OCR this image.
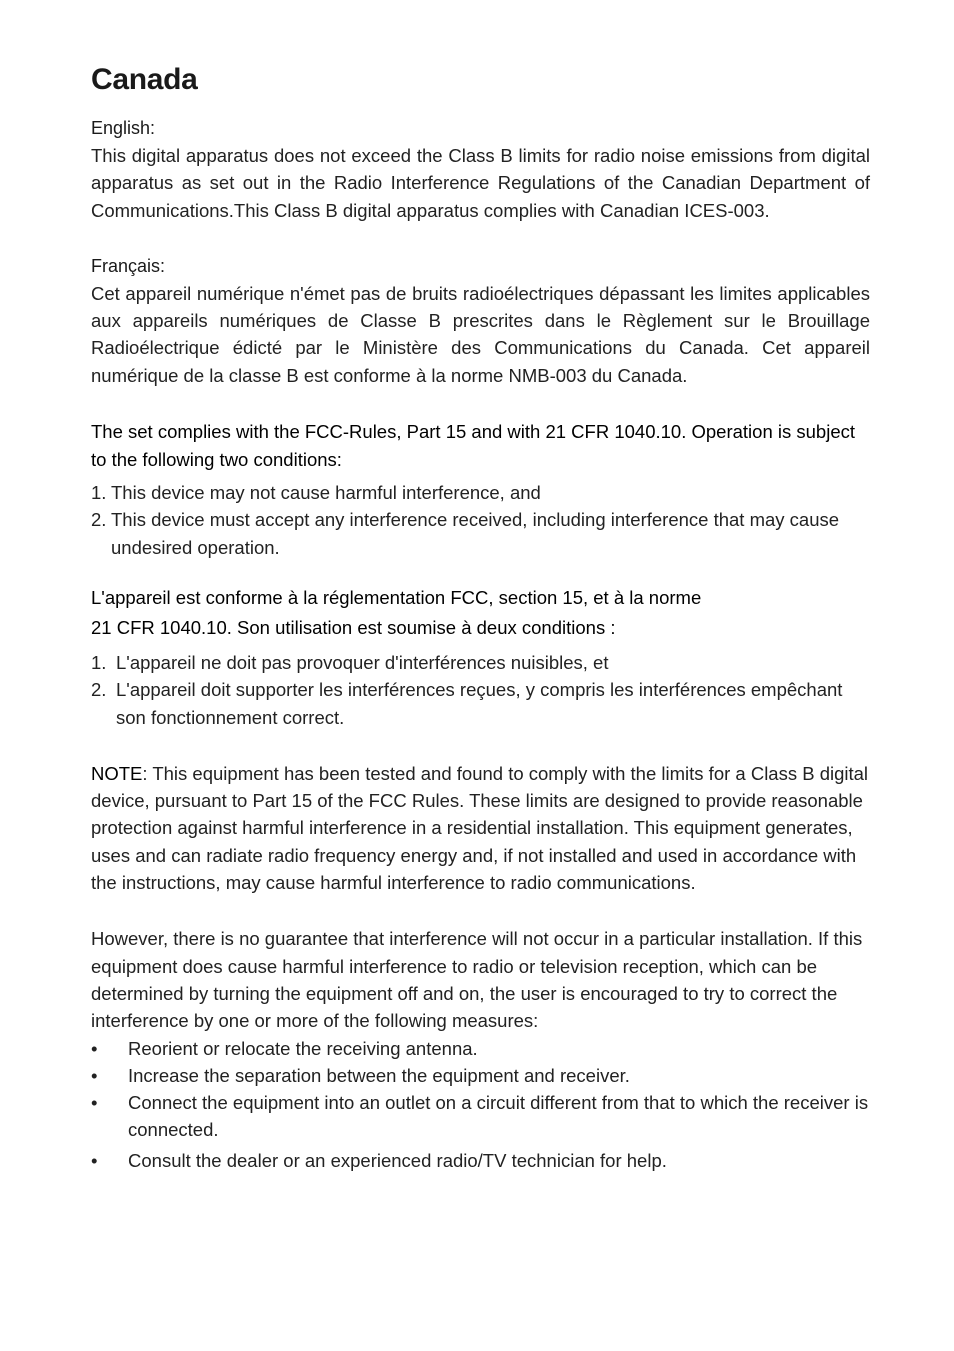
Canada

English:

This digital apparatus does not exceed the Class B limits for radio noise emissions from digital apparatus as set out in the Radio Interference Regulations of the Canadian Department of Communications.This Class B digital apparatus complies with Canadian ICES-003.

Français:

Cet appareil numérique n'émet pas de bruits radioélectriques dépassant les limites applicables aux appareils numériques de Classe B prescrites dans le Règlement sur le Brouillage Radioélectrique édicté par le Ministère des Communications du Canada. Cet appareil numérique de la classe B est conforme à la norme NMB-003 du Canada.

The set complies with the FCC-Rules, Part 15 and with 21 CFR 1040.10. Operation is subject to the following two conditions:

1. This device may not cause harmful interference, and
2. This device must accept any interference received, including interference that may cause undesired operation.

L'appareil est conforme à la réglementation FCC, section 15, et à la norme

21 CFR 1040.10. Son utilisation est soumise à deux conditions :

1. L'appareil ne doit pas provoquer d'interférences nuisibles, et
2. L'appareil doit supporter les interférences reçues, y compris les interférences empêchant son fonctionnement correct.

NOTE: This equipment has been tested and found to comply with the limits for a Class B digital device, pursuant to Part 15 of the FCC Rules. These limits are designed to provide reasonable protection against harmful interference in a residential installation. This equipment generates, uses and can radiate radio frequency energy and, if not installed and used in accordance with the instructions, may cause harmful interference to radio communications.

However, there is no guarantee that interference will not occur in a particular installation. If this equipment does cause harmful interference to radio or television reception, which can be determined by turning the equipment off and on, the user is encouraged to try to correct the interference by one or more of the following measures:

• Reorient or relocate the receiving antenna.
• Increase the separation between the equipment and receiver.
• Connect the equipment into an outlet on a circuit different from that to which the receiver is connected.
• Consult the dealer or an experienced radio/TV technician for help.
